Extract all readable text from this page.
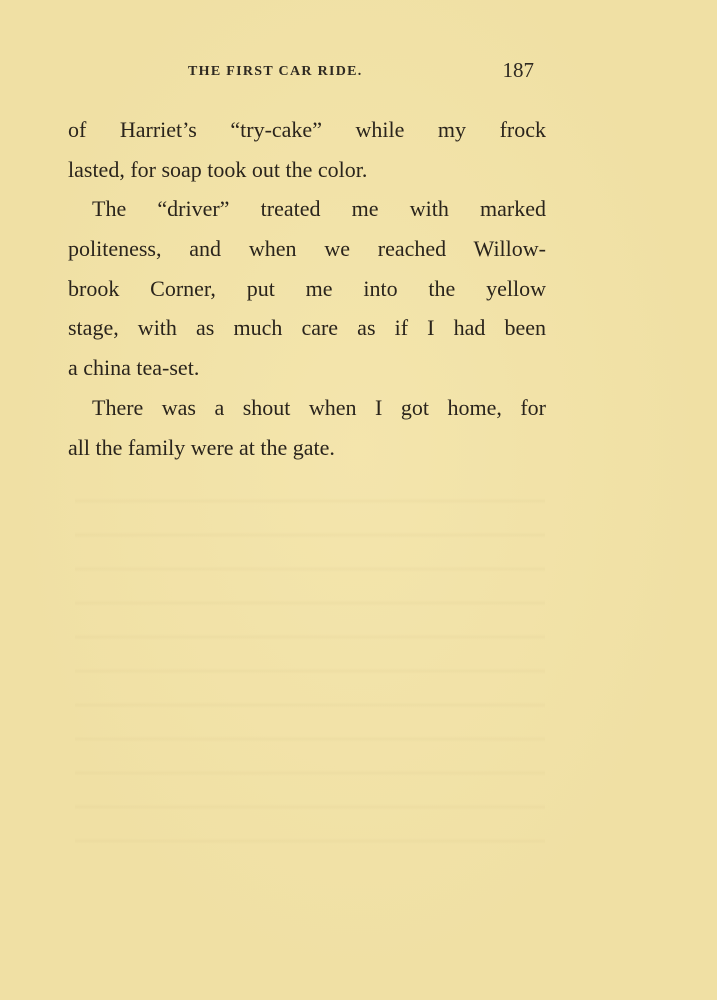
THE FIRST CAR RIDE.	187
of Harriet’s “try-cake” while my frock
lasted, for soap took out the color.
The “driver” treated me with marked
politeness, and when we reached Willow-
brook Corner, put me into the yellow
stage, with as much care as if I had been
a china tea-set.
There was a shout when I got home, for
all the family were at the gate.
